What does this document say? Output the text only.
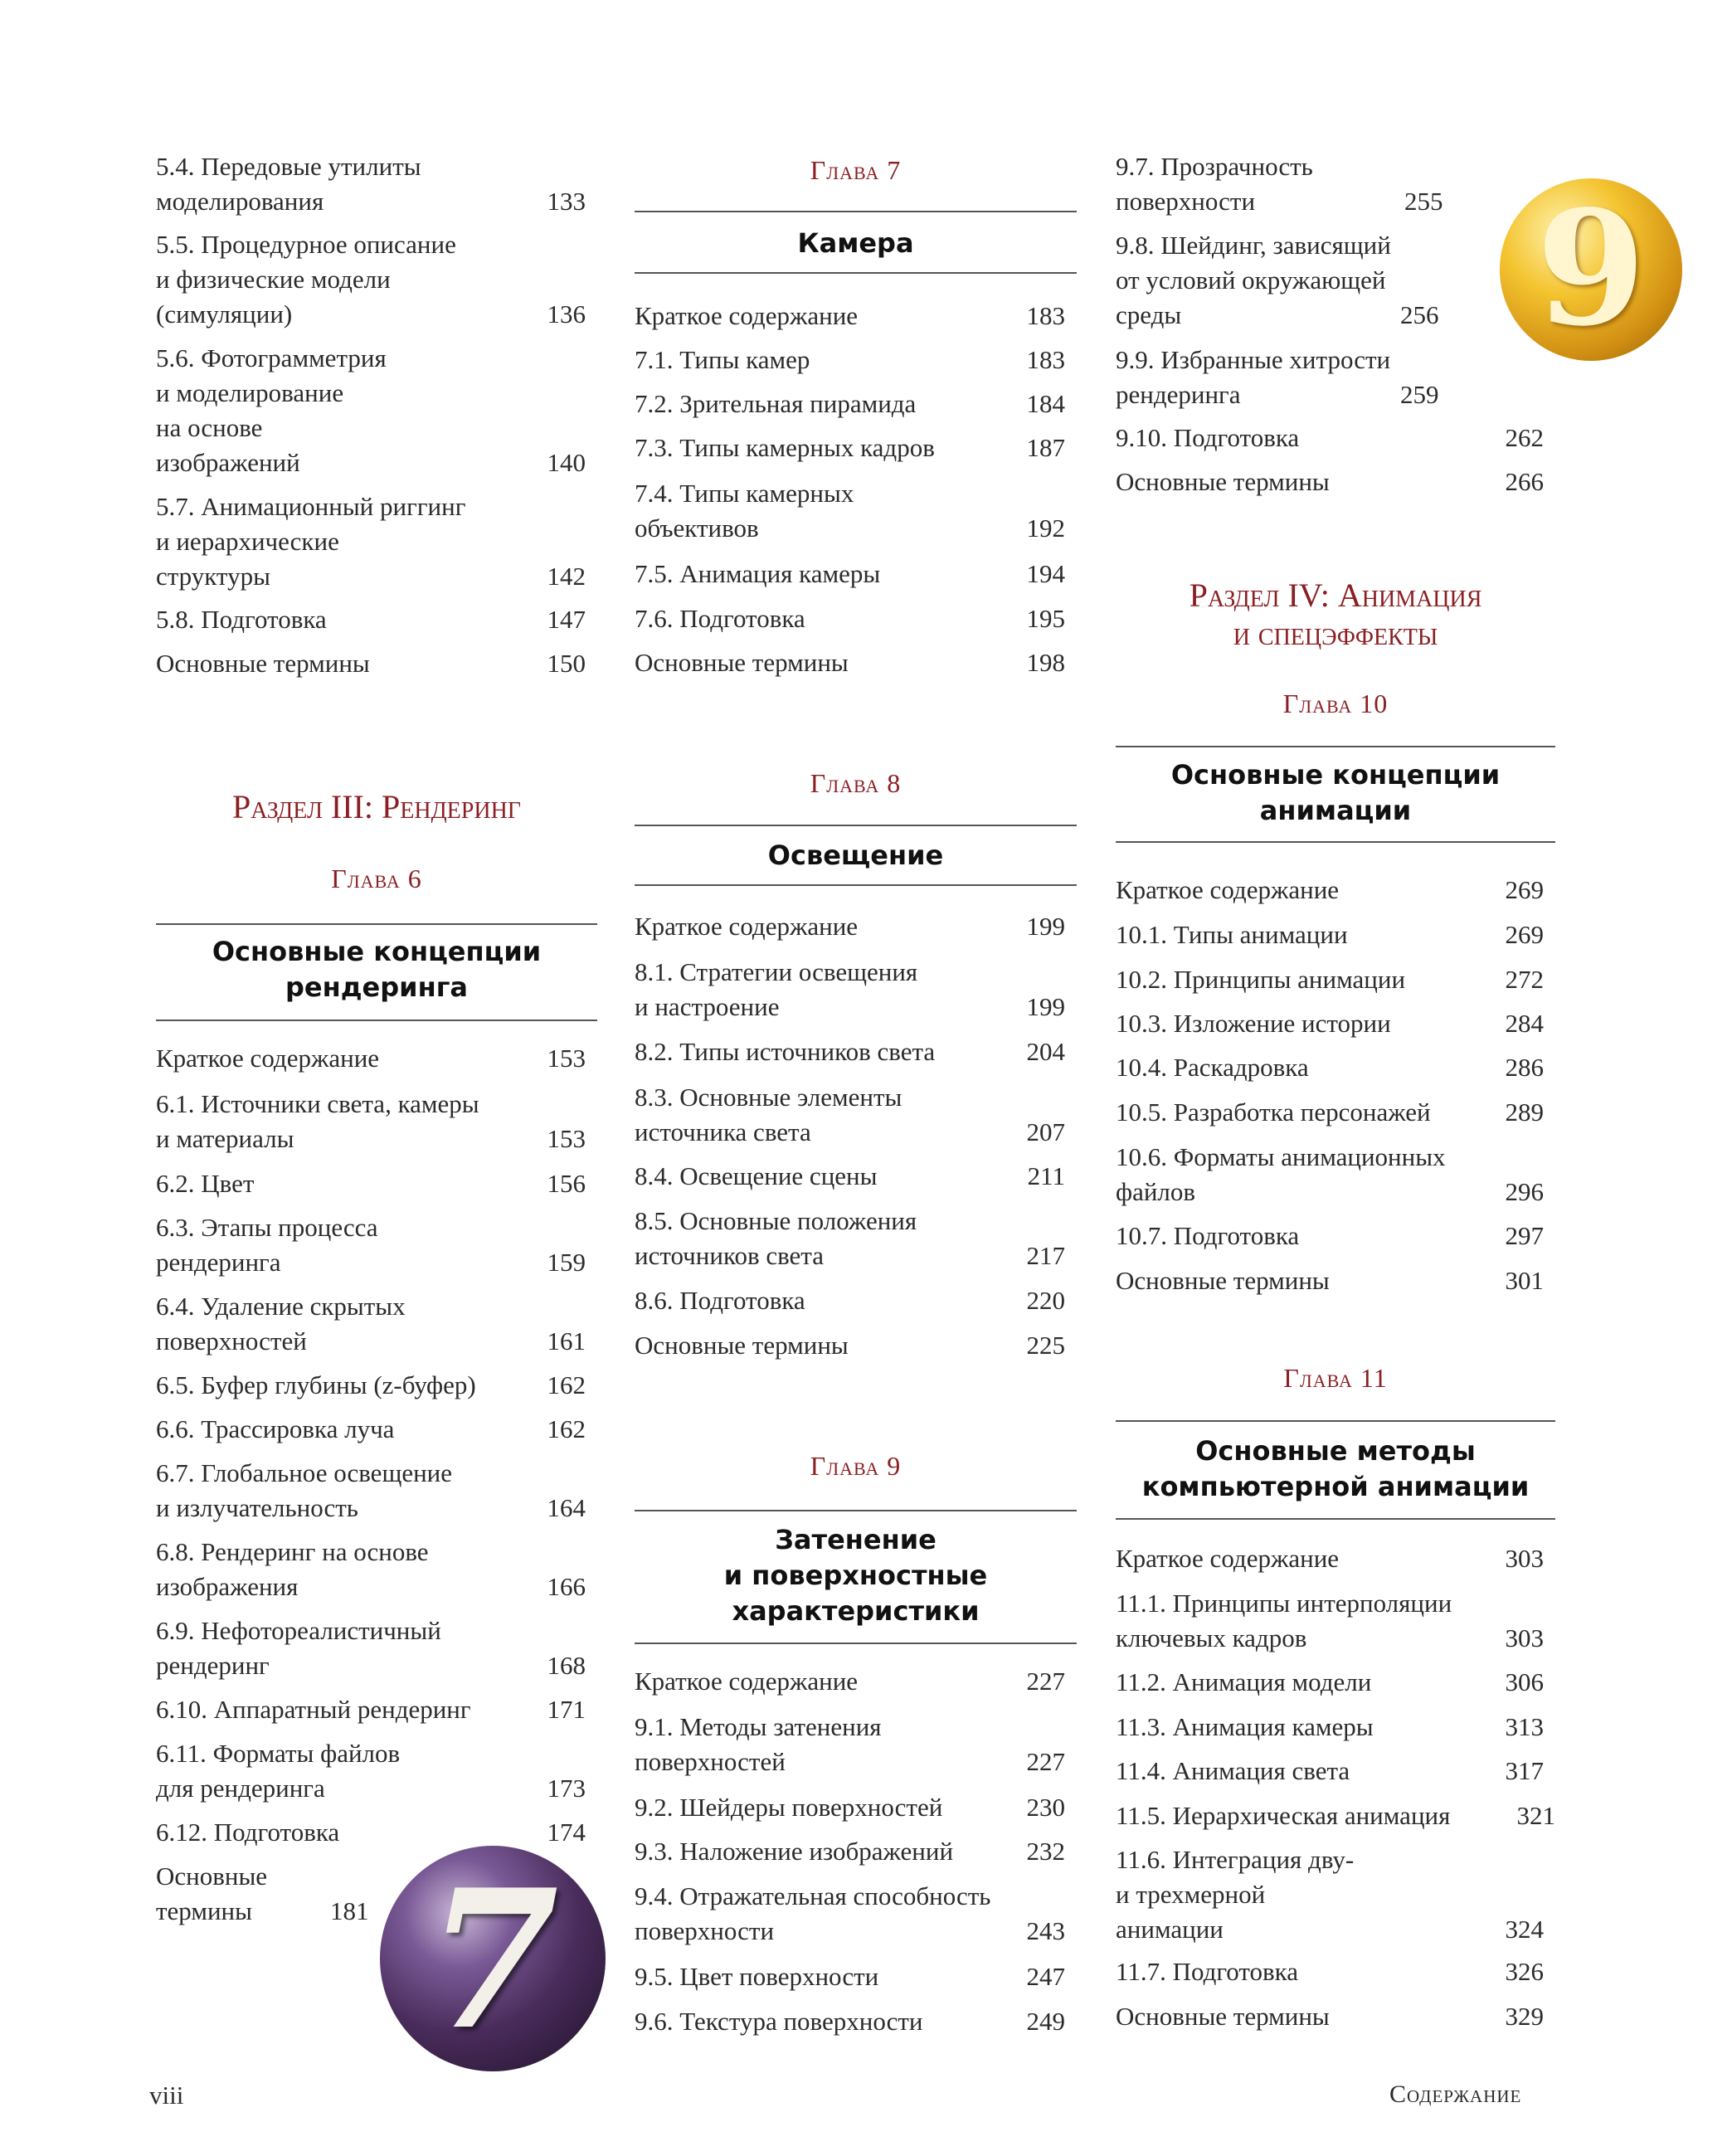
5.4. Передовые утилиты
моделирования	133
5.5. Процедурное описание
и физические модели
(симуляции)	136
5.6. Фотограмметрия
и моделирование
на основе
изображений	140
5.7. Анимационный риггинг
и иерархические
структуры	142
5.8. Подготовка	147
Основные термины	150
Раздел III: Рендеринг
Глава 6
Основные концепции
рендеринга
Краткое содержание	153
6.1. Источники света, камеры
и материалы	153
6.2. Цвет	156
6.3. Этапы процесса
рендеринга	159
6.4. Удаление скрытых
поверхностей	161
6.5. Буфер глубины (z-буфер)	162
6.6. Трассировка луча	162
6.7. Глобальное освещение
и излучательность	164
6.8. Рендеринг на основе
изображения	166
6.9. Нефотореалистичный
рендеринг	168
6.10. Аппаратный рендеринг	171
6.11. Форматы файлов
для рендеринга	173
6.12. Подготовка	174
Основные
термины	181 7
Глава 7
Камера
Краткое содержание	183
7.1. Типы камер	183
7.2. Зрительная пирамида	184
7.3. Типы камерных кадров	187
7.4. Типы камерных
объективов	192
7.5. Анимация камеры	194
7.6. Подготовка	195
Основные термины	198
Глава 8
Освещение
Краткое содержание	199
8.1. Стратегии освещения
и настроение	199
8.2. Типы источников света	204
8.3. Основные элементы
источника света	207
8.4. Освещение сцены	211
8.5. Основные положения
источников света	217
8.6. Подготовка	220
Основные термины	225
Глава 9
Затенение
и поверхностные
характеристики
Краткое содержание	227
9.1. Методы затенения
поверхностей	227
9.2. Шейдеры поверхностей	230
9.3. Наложение изображений	232
9.4. Отражательная способность
поверхности	243
9.5. Цвет поверхности	247
9.6. Текстура поверхности	249
9.7. Прозрачность
поверхности	255
9.8. Шейдинг, зависящий
от условий окружающей
среды	256
9.9. Избранные хитрости
рендеринга	259
9.10. Подготовка	262
Основные термины	266
Раздел IV: Анимация
и спецэффекты
Глава 10
Основные концепции
анимации
Краткое содержание	269
10.1. Типы анимации	269
10.2. Принципы анимации	272
10.3. Изложение истории	284
10.4. Раскадровка	286
10.5. Разработка персонажей	289
10.6. Форматы анимационных
файлов	296
10.7. Подготовка	297
Основные термины	301
Глава 11
Основные методы
компьютерной анимации
Краткое содержание	303
11.1. Принципы интерполяции
ключевых кадров	303
11.2. Анимация модели	306
11.3. Анимация камеры	313
11.4. Анимация света	317
11.5. Иерархическая анимация	321
11.6. Интеграция дву-
и трехмерной
анимации	324
11.7. Подготовка	326
Основные термины	329
9
viii	Содержание
